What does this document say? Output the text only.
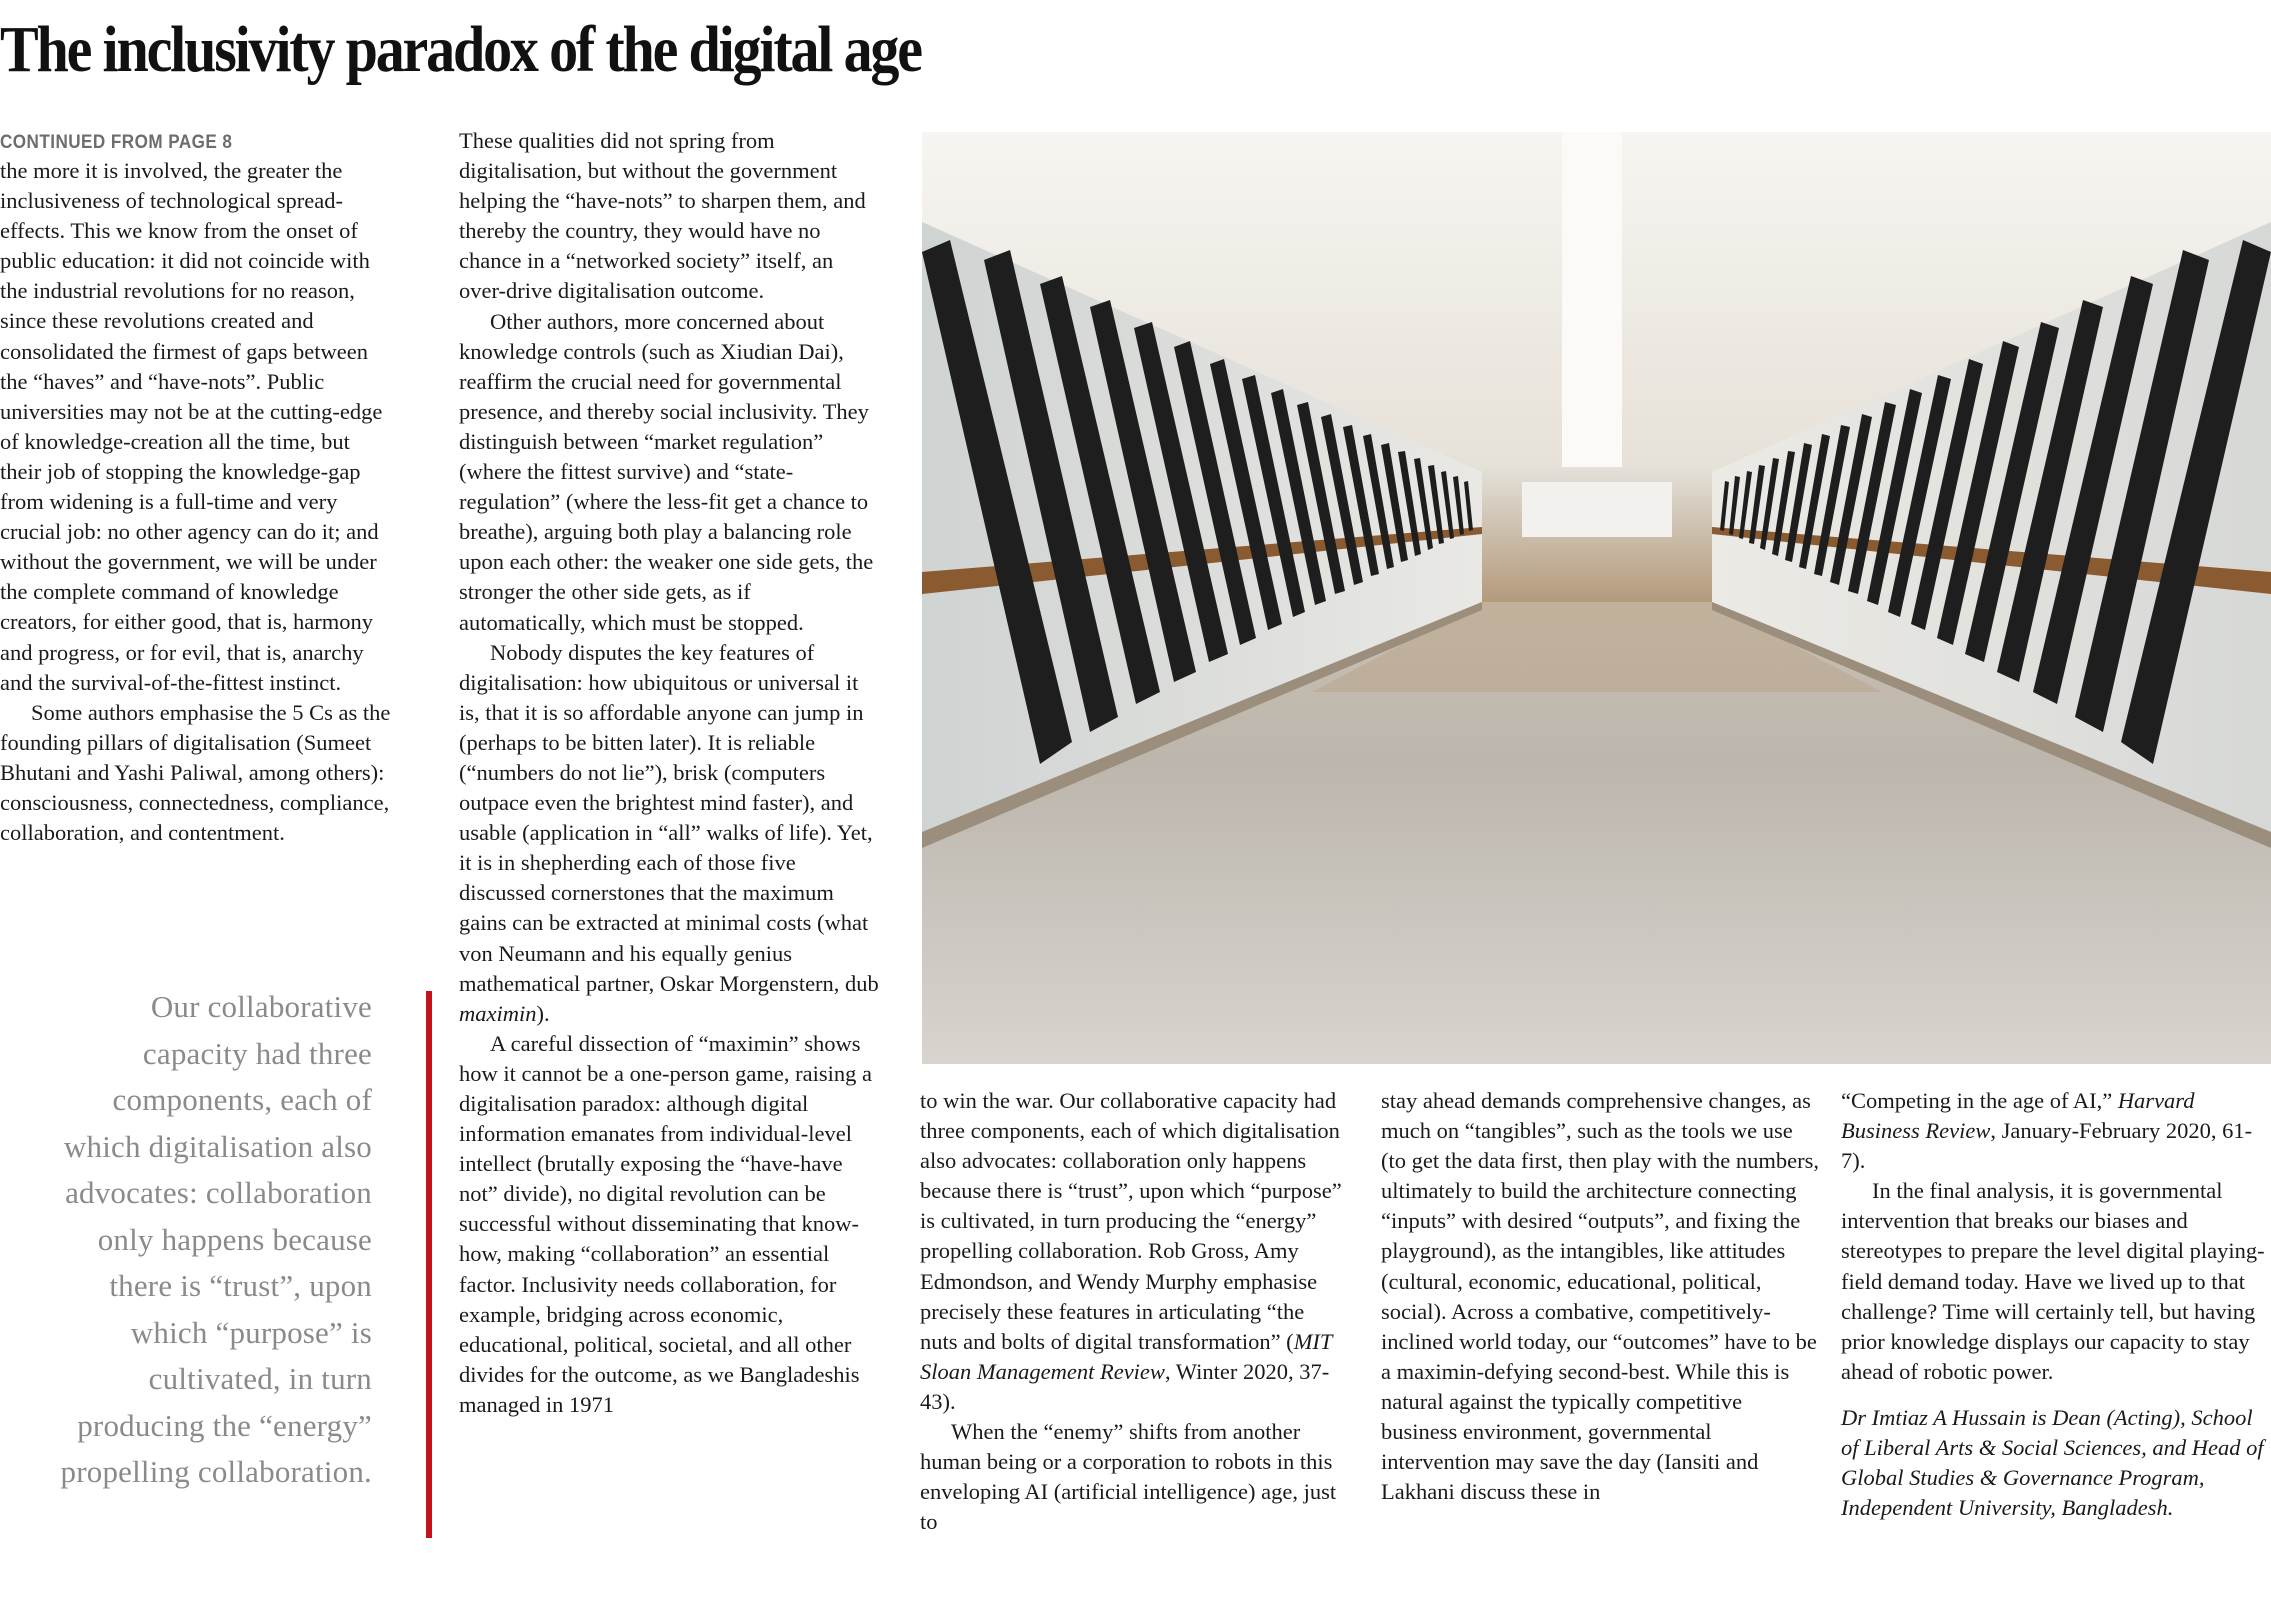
The inclusivity paradox of the digital age
CONTINUED FROM PAGE 8

the more it is involved, the greater the inclusiveness of technological spread-effects. This we know from the onset of public education: it did not coincide with the industrial revolutions for no reason, since these revolutions created and consolidated the firmest of gaps between the “haves” and “have-nots”. Public universities may not be at the cutting-edge of knowledge-creation all the time, but their job of stopping the knowledge-gap from widening is a full-time and very crucial job: no other agency can do it; and without the government, we will be under the complete command of knowledge creators, for either good, that is, harmony and progress, or for evil, that is, anarchy and the survival-of-the-fittest instinct.

Some authors emphasise the 5 Cs as the founding pillars of digitalisation (Sumeet Bhutani and Yashi Paliwal, among others): consciousness, connectedness, compliance, collaboration, and contentment.

Our collaborative capacity had three components, each of which digitalisation also advocates: collaboration only happens because there is “trust”, upon which “purpose” is cultivated, in turn producing the “energy” propelling collaboration.

These qualities did not spring from digitalisation, but without the government helping the “have-nots” to sharpen them, and thereby the country, they would have no chance in a “networked society” itself, an over-drive digitalisation outcome.

Other authors, more concerned about knowledge controls (such as Xiudian Dai), reaffirm the crucial need for governmental presence, and thereby social inclusivity. They distinguish between “market regulation” (where the fittest survive) and “state-regulation” (where the less-fit get a chance to breathe), arguing both play a balancing role upon each other: the weaker one side gets, the stronger the other side gets, as if automatically, which must be stopped.

Nobody disputes the key features of digitalisation: how ubiquitous or universal it is, that it is so affordable anyone can jump in (perhaps to be bitten later). It is reliable (“numbers do not lie”), brisk (computers outpace even the brightest mind faster), and usable (application in “all” walks of life). Yet, it is in shepherding each of those five discussed cornerstones that the maximum gains can be extracted at minimal costs (what von Neumann and his equally genius mathematical partner, Oskar Morgenstern, dub maximin).

A careful dissection of “maximin” shows how it cannot be a one-person game, raising a digitalisation paradox: although digital information emanates from individual-level intellect (brutally exposing the “have-have not” divide), no digital revolution can be successful without disseminating that know-how, making “collaboration” an essential factor. Inclusivity needs collaboration, for example, bridging across economic, educational, political, societal, and all other divides for the outcome, as we Bangladeshis managed in 1971

to win the war. Our collaborative capacity had three components, each of which digitalisation also advocates: collaboration only happens because there is “trust”, upon which “purpose” is cultivated, in turn producing the “energy” propelling collaboration. Rob Gross, Amy Edmondson, and Wendy Murphy emphasise precisely these features in articulating “the nuts and bolts of digital transformation” (MIT Sloan Management Review, Winter 2020, 37-43).

When the “enemy” shifts from another human being or a corporation to robots in this enveloping AI (artificial intelligence) age, just to

stay ahead demands comprehensive changes, as much on “tangibles”, such as the tools we use (to get the data first, then play with the numbers, ultimately to build the architecture connecting “inputs” with desired “outputs”, and fixing the playground), as the intangibles, like attitudes (cultural, economic, educational, political, social). Across a combative, competitively-inclined world today, our “outcomes” have to be a maximin-defying second-best. While this is natural against the typically competitive business environment, governmental intervention may save the day (Iansiti and Lakhani discuss these in

“Competing in the age of AI,” Harvard Business Review, January-February 2020, 61-7).

In the final analysis, it is governmental intervention that breaks our biases and stereotypes to prepare the level digital playing-field demand today. Have we lived up to that challenge? Time will certainly tell, but having prior knowledge displays our capacity to stay ahead of robotic power.

Dr Imtiaz A Hussain is Dean (Acting), School of Liberal Arts & Social Sciences, and Head of Global Studies & Governance Program, Independent University, Bangladesh.
